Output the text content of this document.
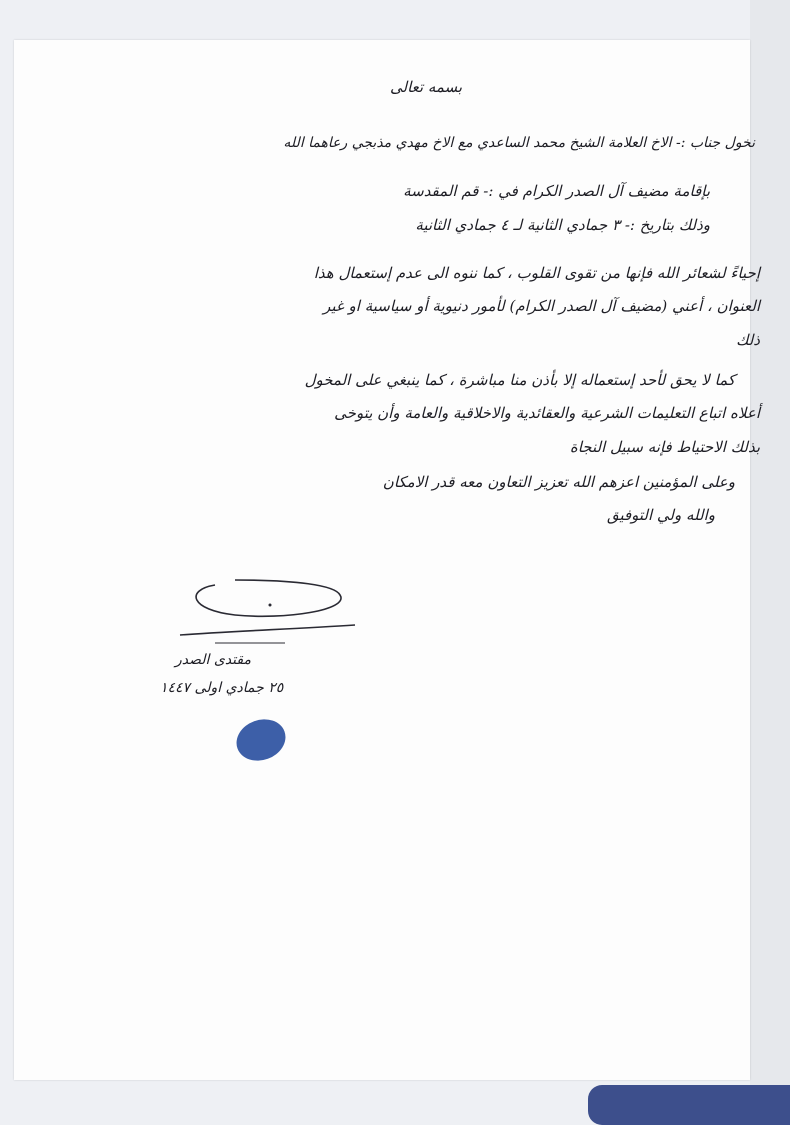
بسمه تعالى
نخول جناب :- الاخ العلامة الشيخ محمد الساعدي مع الاخ مهدي مذبجي رعاهما الله
بإقامة مضيف آل الصدر الكرام في :- قم المقدسة
وذلك بتاريخ :- ٣ جمادي الثانية لـ ٤ جمادي الثانية
إحياءً لشعائر الله فإنها من تقوى القلوب ، كما ننوه الى عدم إستعمال هذا
العنوان ، أعني (مضيف آل الصدر الكرام) لأمور دنيوية أو سياسية او غير
ذلك
كما لا يحق لأحد إستعماله إلا بأذن منا مباشرة ، كما ينبغي على المخول
أعلاه اتباع التعليمات الشرعية والعقائدية والاخلاقية والعامة وأن يتوخى
بذلك الاحتياط فإنه سبيل النجاة
وعلى المؤمنين اعزهم الله تعزيز التعاون معه قدر الامكان
والله ولي التوفيق
مقتدى الصدر
٢٥ جمادي اولى ١٤٤٧
